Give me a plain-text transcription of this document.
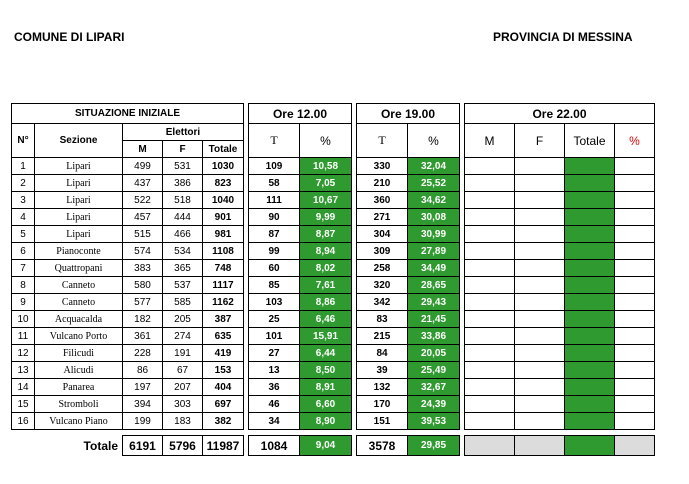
COMUNE DI LIPARI	PROVINCIA DI MESSINA
SITUAZIONE INIZIALE						Ore 12.00			Ore 19.00			Ore 22.00			
N°	Sezione	Elettori				T	%		T	%		M	F	Totale	%
		M	F	Totale											
1	Lipari	499	531	1030		109	10,58		330	32,04					
2	Lipari	437	386	823		58	7,05		210	25,52					
3	Lipari	522	518	1040		111	10,67		360	34,62					
4	Lipari	457	444	901		90	9,99		271	30,08					
5	Lipari	515	466	981		87	8,87		304	30,99					
6	Pianoconte	574	534	1108		99	8,94		309	27,89					
7	Quattropani	383	365	748		60	8,02		258	34,49					
8	Canneto	580	537	1117		85	7,61		320	28,65					
9	Canneto	577	585	1162		103	8,86		342	29,43					
10	Acquacalda	182	205	387		25	6,46		83	21,45					
11	Vulcano Porto	361	274	635		101	15,91		215	33,86					
12	Filicudi	228	191	419		27	6,44		84	20,05					
13	Alicudi	86	67	153		13	8,50		39	25,49					
14	Panarea	197	207	404		36	8,91		132	32,67					
15	Stromboli	394	303	697		46	6,60		170	24,39					
16	Vulcano Piano	199	183	382		34	8,90		151	39,53					

Totale		6191	5796	11987		1084	9,04		3578	29,85					
